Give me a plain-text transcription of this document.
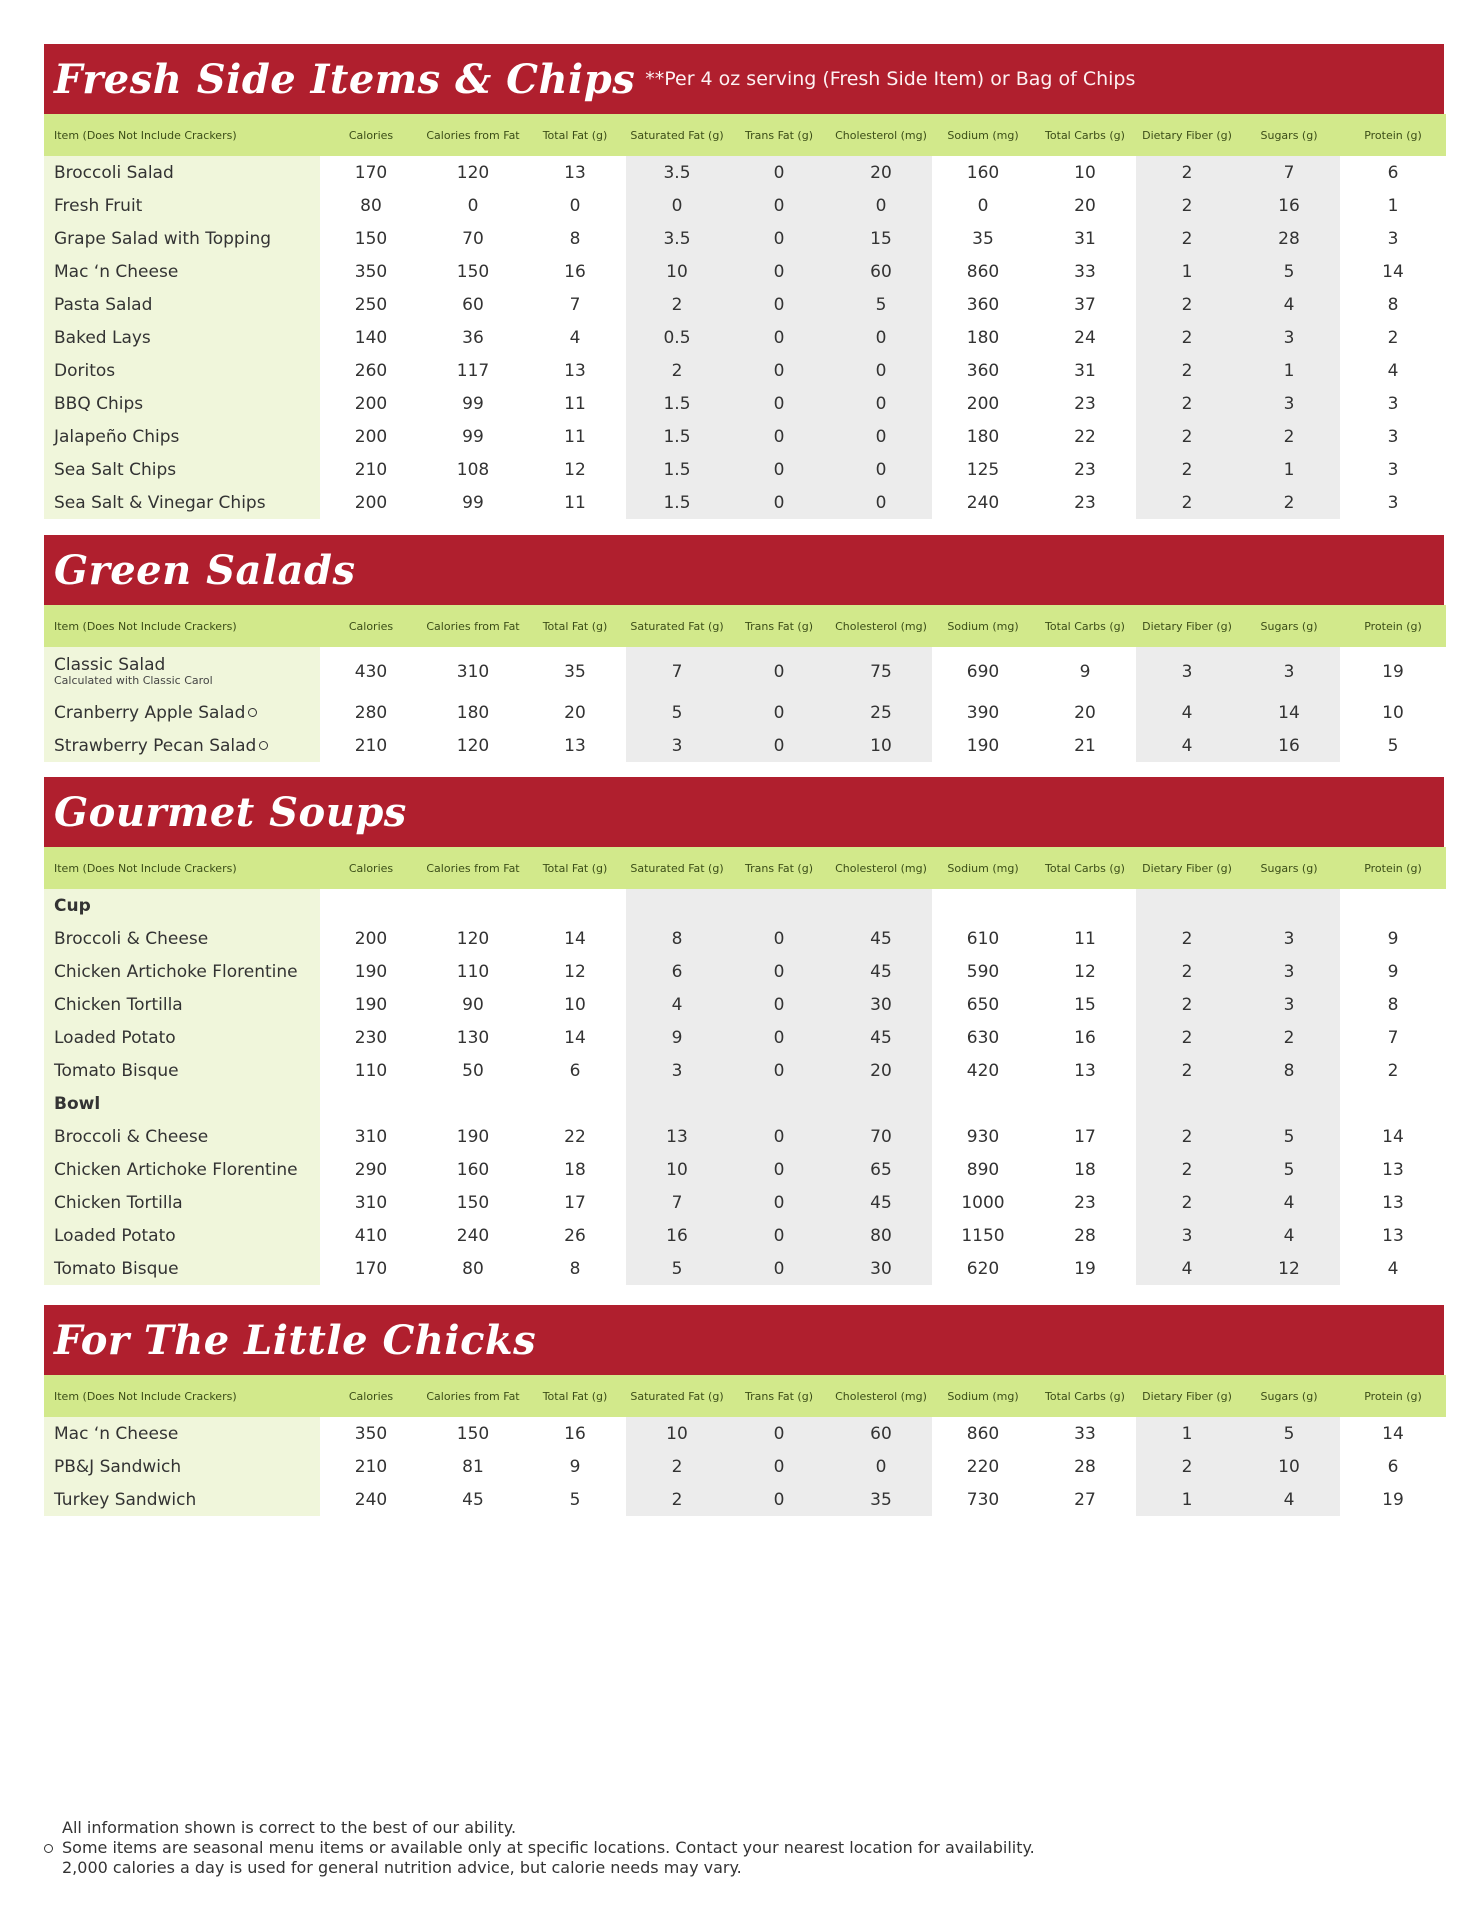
Fresh Side Items & Chips **Per 4 oz serving (Fresh Side Item) or Bag of Chips
Item (Does Not Include Crackers)	Calories	Calories from Fat	Total Fat (g)	Saturated Fat (g)	Trans Fat (g)	Cholesterol (mg)	Sodium (mg)	Total Carbs (g)	Dietary Fiber (g)	Sugars (g)	Protein (g)
Broccoli Salad	170	120	13	3.5	0	20	160	10	2	7	6
Fresh Fruit	80	0	0	0	0	0	0	20	2	16	1
Grape Salad with Topping	150	70	8	3.5	0	15	35	31	2	28	3
Mac ‘n Cheese	350	150	16	10	0	60	860	33	1	5	14
Pasta Salad	250	60	7	2	0	5	360	37	2	4	8
Baked Lays	140	36	4	0.5	0	0	180	24	2	3	2
Doritos	260	117	13	2	0	0	360	31	2	1	4
BBQ Chips	200	99	11	1.5	0	0	200	23	2	3	3
Jalapeño Chips	200	99	11	1.5	0	0	180	22	2	2	3
Sea Salt Chips	210	108	12	1.5	0	0	125	23	2	1	3
Sea Salt & Vinegar Chips	200	99	11	1.5	0	0	240	23	2	2	3
Green Salads
Item (Does Not Include Crackers)	Calories	Calories from Fat	Total Fat (g)	Saturated Fat (g)	Trans Fat (g)	Cholesterol (mg)	Sodium (mg)	Total Carbs (g)	Dietary Fiber (g)	Sugars (g)	Protein (g)

Classic Salad
Calculated with Classic Carol	430	310	35	7	0	75	690	9	3	3	19
Cranberry Apple Salad	280	180	20	5	0	25	390	20	4	14	10
Strawberry Pecan Salad	210	120	13	3	0	10	190	21	4	16	5
Gourmet Soups
Item (Does Not Include Crackers)	Calories	Calories from Fat	Total Fat (g)	Saturated Fat (g)	Trans Fat (g)	Cholesterol (mg)	Sodium (mg)	Total Carbs (g)	Dietary Fiber (g)	Sugars (g)	Protein (g)
Cup											
Broccoli & Cheese	200	120	14	8	0	45	610	11	2	3	9
Chicken Artichoke Florentine	190	110	12	6	0	45	590	12	2	3	9
Chicken Tortilla	190	90	10	4	0	30	650	15	2	3	8
Loaded Potato	230	130	14	9	0	45	630	16	2	2	7
Tomato Bisque	110	50	6	3	0	20	420	13	2	8	2
Bowl											
Broccoli & Cheese	310	190	22	13	0	70	930	17	2	5	14
Chicken Artichoke Florentine	290	160	18	10	0	65	890	18	2	5	13
Chicken Tortilla	310	150	17	7	0	45	1000	23	2	4	13
Loaded Potato	410	240	26	16	0	80	1150	28	3	4	13
Tomato Bisque	170	80	8	5	0	30	620	19	4	12	4
For The Little Chicks
Item (Does Not Include Crackers)	Calories	Calories from Fat	Total Fat (g)	Saturated Fat (g)	Trans Fat (g)	Cholesterol (mg)	Sodium (mg)	Total Carbs (g)	Dietary Fiber (g)	Sugars (g)	Protein (g)
Mac ‘n Cheese	350	150	16	10	0	60	860	33	1	5	14
PB&J Sandwich	210	81	9	2	0	0	220	28	2	10	6
Turkey Sandwich	240	45	5	2	0	35	730	27	1	4	19
All information shown is correct to the best of our ability.
Some items are seasonal menu items or available only at specific locations. Contact your nearest location for availability.
2,000 calories a day is used for general nutrition advice, but calorie needs may vary.
